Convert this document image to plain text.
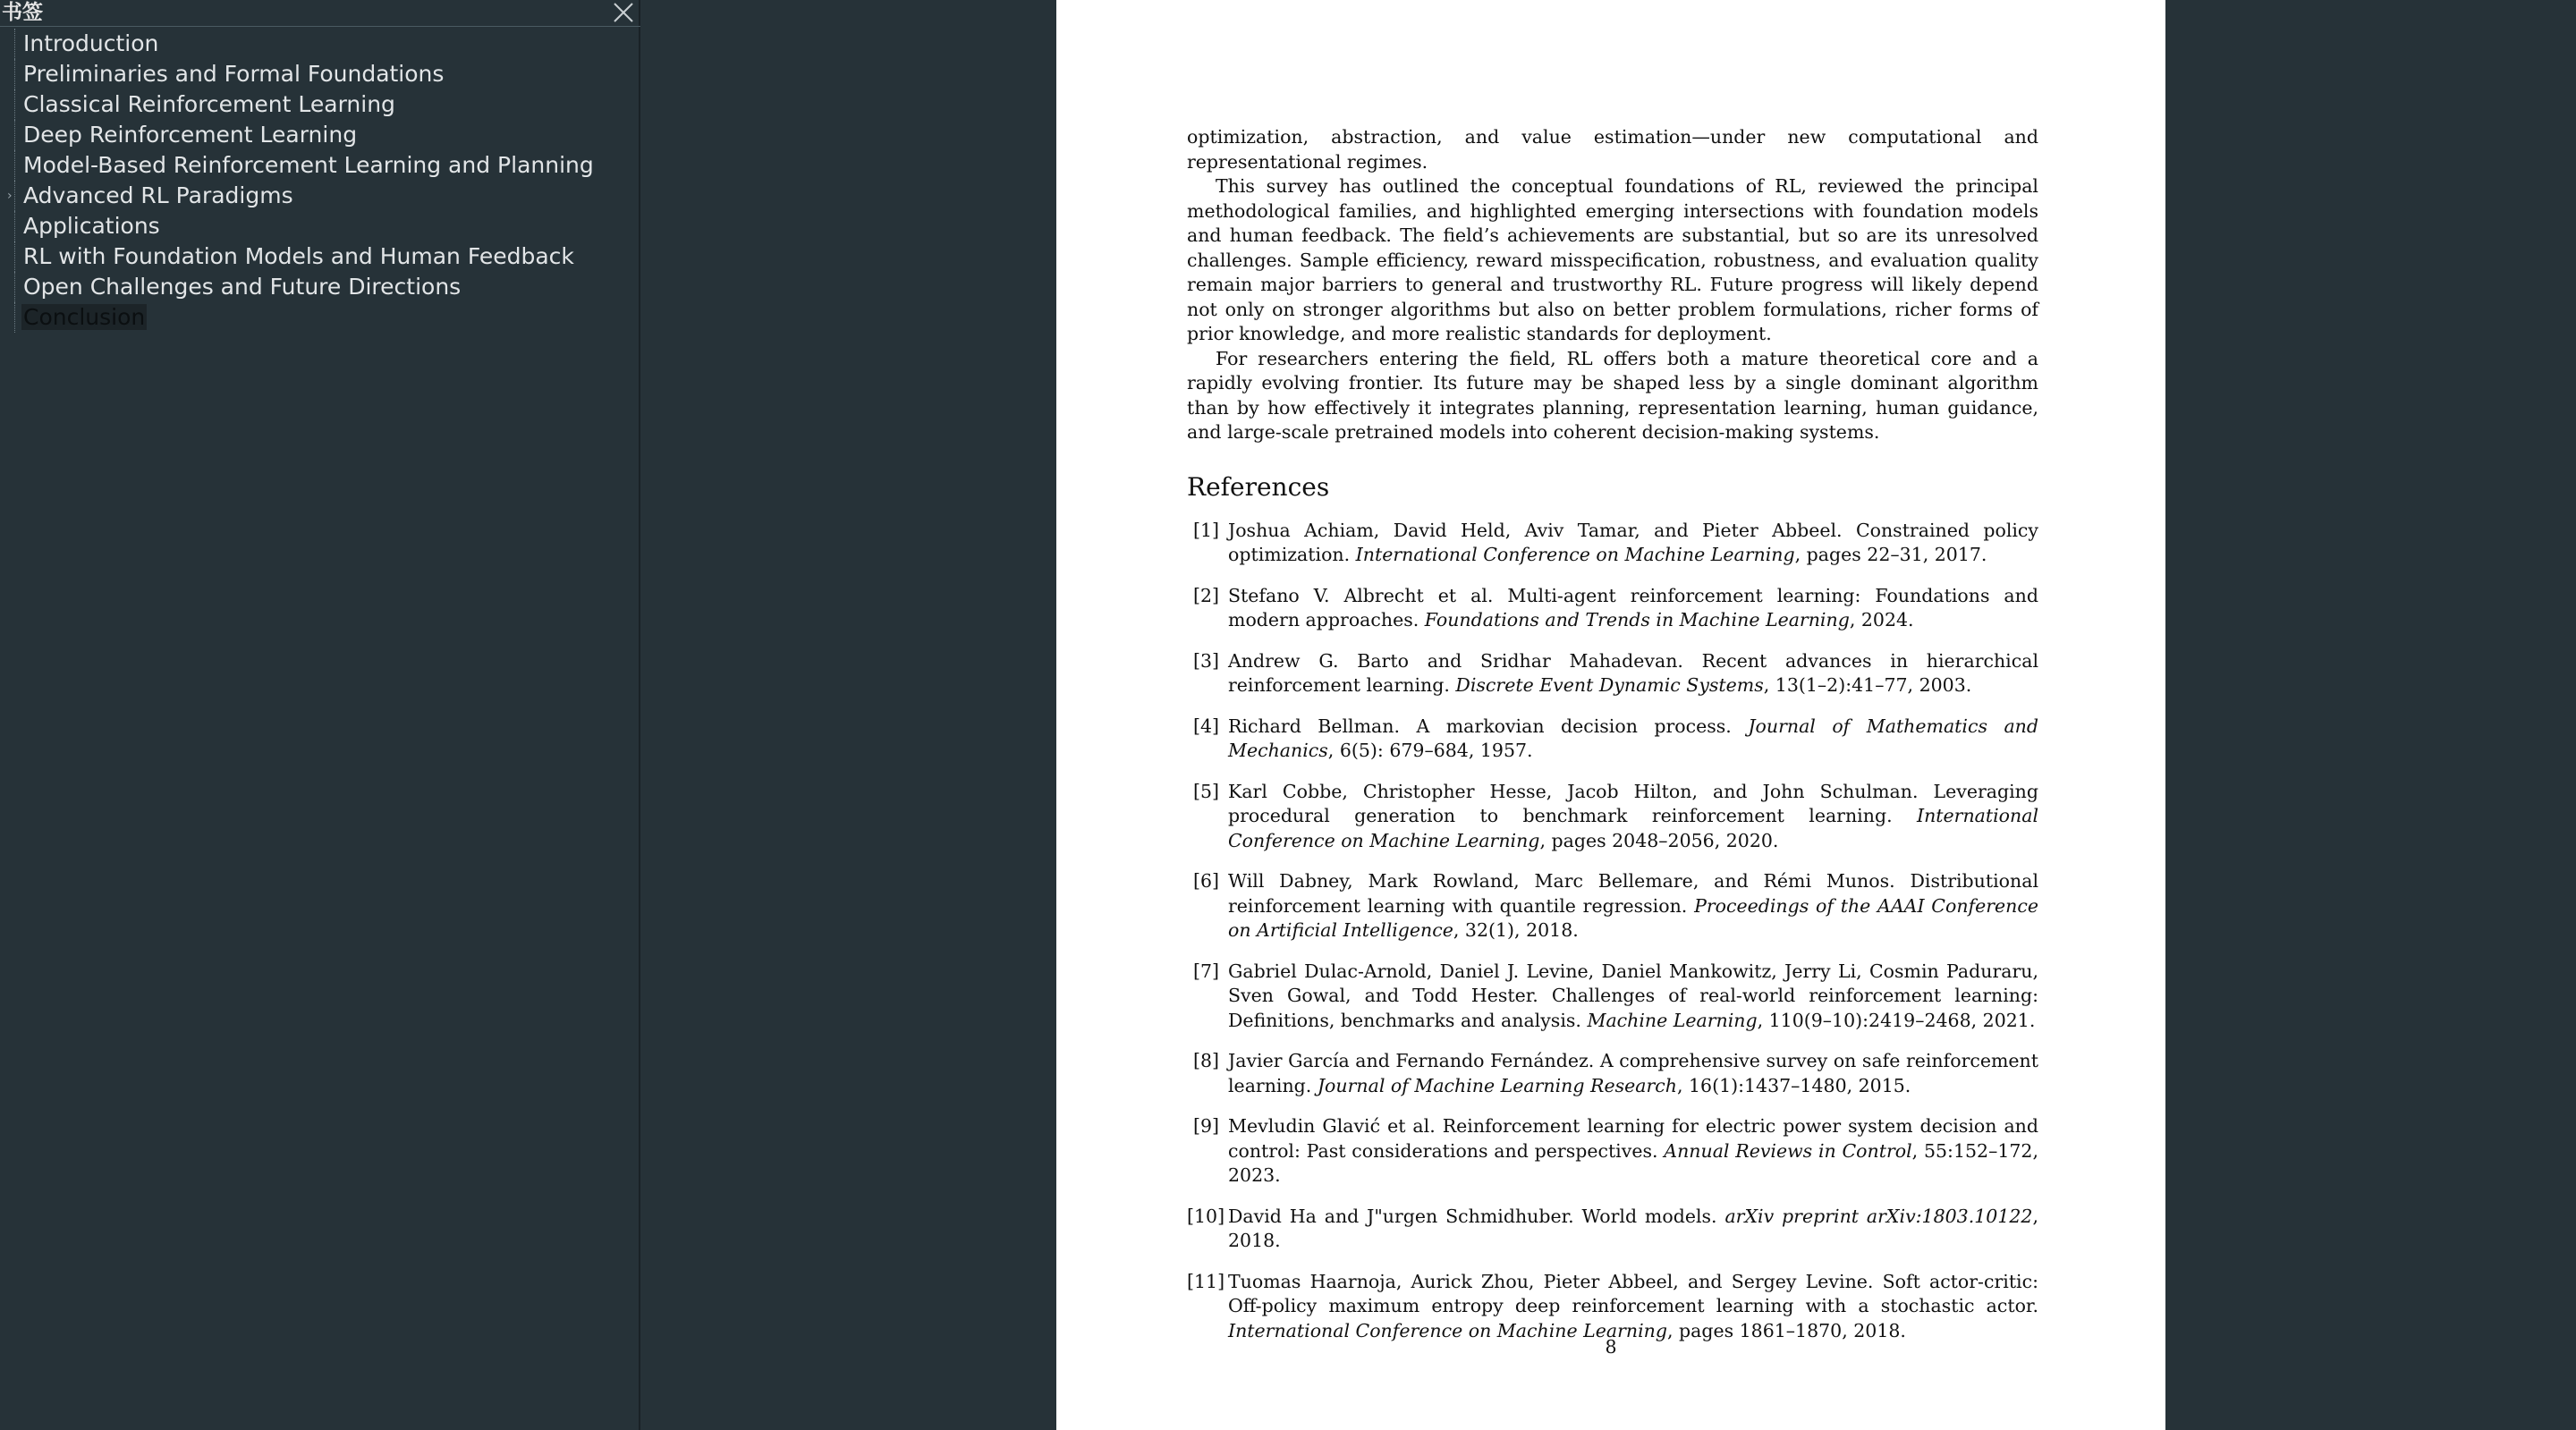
书签
Introduction
Preliminaries and Formal Foundations
Classical Reinforcement Learning
Deep Reinforcement Learning
Model-Based Reinforcement Learning and Planning
› Advanced RL Paradigms
Applications
RL with Foundation Models and Human Feedback
Open Challenges and Future Directions
Conclusion

optimization, abstraction, and value estimation—under new computational and representational regimes.

This survey has outlined the conceptual foundations of RL, reviewed the principal methodological families, and highlighted emerging intersections with foundation models and human feedback. The field’s achievements are substantial, but so are its unresolved challenges. Sample efficiency, reward misspecification, robustness, and evaluation quality remain major barriers to general and trustworthy RL. Future progress will likely depend not only on stronger algorithms but also on better problem formulations, richer forms of prior knowledge, and more realistic standards for deployment.

For researchers entering the field, RL offers both a mature theoretical core and a rapidly evolving frontier. Its future may be shaped less by a single dominant algorithm than by how effectively it integrates planning, representation learning, human guidance, and large-scale pretrained models into coherent decision-making systems.

References
[1] Joshua Achiam, David Held, Aviv Tamar, and Pieter Abbeel. Constrained policy optimization. International Conference on Machine Learning, pages 22–31, 2017.
[2] Stefano V. Albrecht et al. Multi-agent reinforcement learning: Foundations and modern approaches. Foundations and Trends in Machine Learning, 2024.
[3] Andrew G. Barto and Sridhar Mahadevan. Recent advances in hierarchical reinforcement learning. Discrete Event Dynamic Systems, 13(1–2):41–77, 2003.
[4] Richard Bellman. A markovian decision process. Journal of Mathematics and Mechanics, 6(5): 679–684, 1957.
[5] Karl Cobbe, Christopher Hesse, Jacob Hilton, and John Schulman. Leveraging procedural generation to benchmark reinforcement learning. International Conference on Machine Learning, pages 2048–2056, 2020.
[6] Will Dabney, Mark Rowland, Marc Bellemare, and Rémi Munos. Distributional reinforcement learning with quantile regression. Proceedings of the AAAI Conference on Artificial Intelligence, 32(1), 2018.
[7] Gabriel Dulac-Arnold, Daniel J. Levine, Daniel Mankowitz, Jerry Li, Cosmin Paduraru, Sven Gowal, and Todd Hester. Challenges of real-world reinforcement learning: Definitions, benchmarks and analysis. Machine Learning, 110(9–10):2419–2468, 2021.
[8] Javier García and Fernando Fernández. A comprehensive survey on safe reinforcement learning. Journal of Machine Learning Research, 16(1):1437–1480, 2015.
[9] Mevludin Glavić et al. Reinforcement learning for electric power system decision and control: Past considerations and perspectives. Annual Reviews in Control, 55:152–172, 2023.
[10] David Ha and J"urgen Schmidhuber. World models. arXiv preprint arXiv:1803.10122, 2018.
[11] Tuomas Haarnoja, Aurick Zhou, Pieter Abbeel, and Sergey Levine. Soft actor-critic: Off-policy maximum entropy deep reinforcement learning with a stochastic actor. International Conference on Machine Learning, pages 1861–1870, 2018.
8
